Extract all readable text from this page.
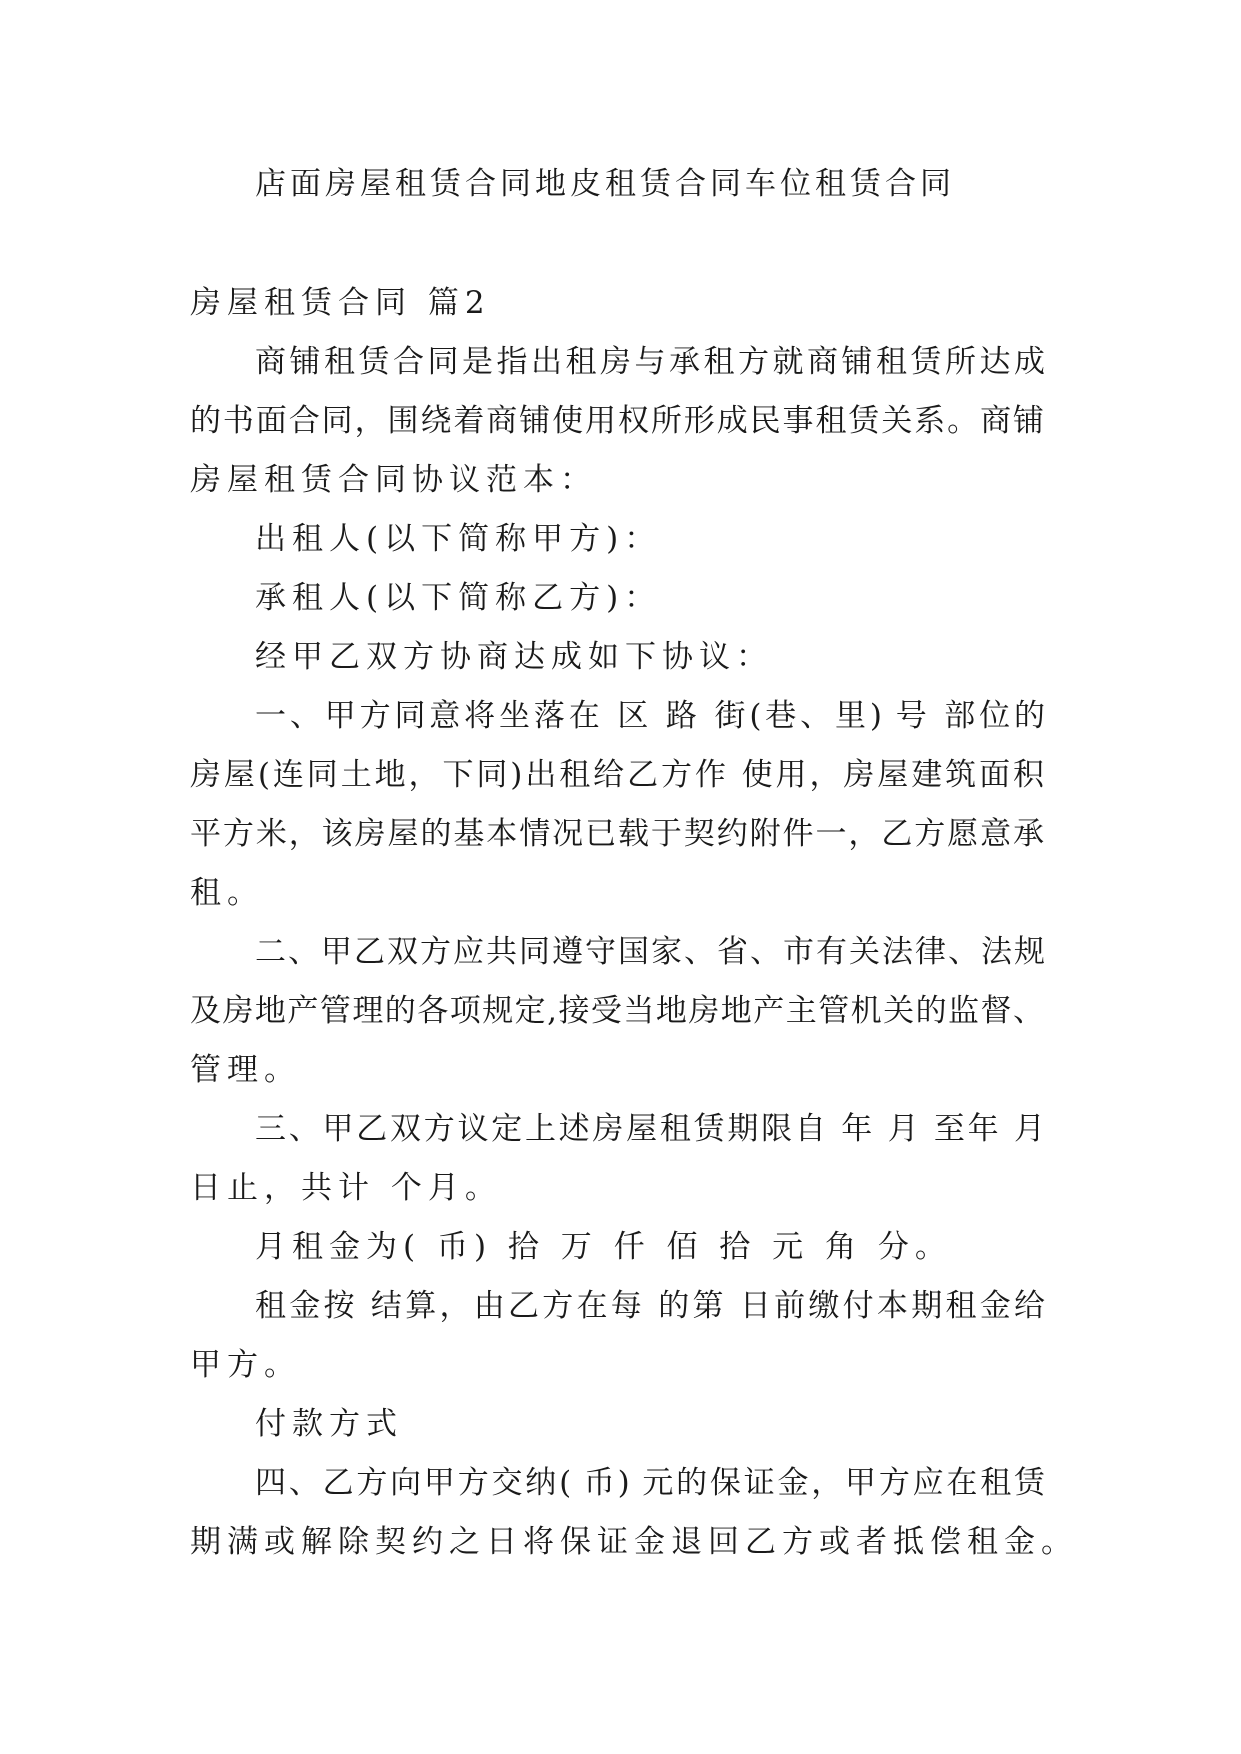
店面房屋租赁合同地皮租赁合同车位租赁合同

房屋租赁合同 篇2

商铺租赁合同是指出租房与承租方就商铺租赁所达成

的书面合同，围绕着商铺使用权所形成民事租赁关系。商铺

房屋租赁合同协议范本：

出租人(以下简称甲方)：

承租人(以下简称乙方)：

经甲乙双方协商达成如下协议：

一、甲方同意将坐落在 区 路 街(巷、里) 号 部位的

房屋(连同土地，下同)出租给乙方作 使用，房屋建筑面积

平方米，该房屋的基本情况已载于契约附件一，乙方愿意承

租。

二、甲乙双方应共同遵守国家、省、市有关法律、法规

及房地产管理的各项规定,接受当地房地产主管机关的监督、

管理。

三、甲乙双方议定上述房屋租赁期限自 年 月 至年 月

日止，共计 个月。

月租金为( 币) 拾 万 仟 佰 拾 元 角 分。

租金按 结算，由乙方在每 的第 日前缴付本期租金给

甲方。

付款方式

四、乙方向甲方交纳( 币) 元的保证金，甲方应在租赁

期满或解除契约之日将保证金退回乙方或者抵偿租金。
